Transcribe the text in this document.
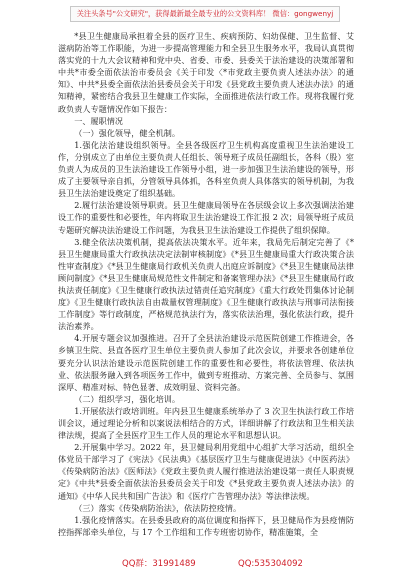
关注头条号"公文研究"，获得最新最全最专业的公文资料库！ 微信：gongwenyj

*县卫生健康局承担着全县的医疗卫生、疾病预防、妇幼保健、卫生监督、艾滋病防治等工作职能，为进一步提高管理能力和全县卫生服务水平，我局认真贯彻落实党的十九大会议精神和党中央、省委、市委、县委关于法治建设的决策部署和中共*市委全面依法治市委员会《关于印发〈*市党政主要负责人述法办法〉的通知》、中共*县委全面依法治县委员会关于印发《县党政主要负责人述法办法》的通知精神，紧密结合我县卫生健康工作实际，全面推进依法行政工作。现将我履行党政负责人专题情况作如下报告：

一、履职情况

（一）强化领导，健全机制。

1.强化法治建设组织领导。全县各级医疗卫生机构高度重视卫生法治建设工作，分别成立了由单位主要负责人任组长、领导班子成员任副组长，各科（股）室负责人为成员的卫生法治建设工作领导小组，进一步加强卫生法治建设的领导，形成了主要领导亲自抓，分管领导具体抓，各科室负责人具体落实的领导机制，为我县卫生法治建设奠定了组织基础。

2.履行法治建设领导职责。县卫生健康局领导在各层级会议上多次强调法治建设工作的重要性和必要性，年内将取卫生法治建设工作汇报 2 次；局领导班子成员专题研究解决法治建设工作问题，为我县卫生法治建设工作提供了组织保障。

3.健全依法决策机制，提高依法决策水平。近年来，我局先后制定完善了《*县卫生健康局重大行政执法决定法制审核制度》《*县卫生健康局重大行政决策合法性审查制度》《*县卫生健康局行政机关负责人出庭应诉制度》《*县卫生健康局法律顾问制度》《*县卫生健康局规范性文件制定和备案管理办法》《*县卫生健康局行政执法责任制度》《卫生健康行政执法过错责任追究制度》《重大行政处罚集体讨论制度》《卫生健康行政执法自由裁量权管理制度》《卫生健康行政执法与刑事司法衔接工作制度》等行政制度，严格规范执法行为，落实依法治理，强化依法行政，提升法治素养。

4.开展专题会议加强推进。召开了全县法治建设示范医院创建工作推进会，各乡镇卫生院、县直各医疗卫生单位主要负责人参加了此次会议，并要求各创建单位要充分认识法治建设示范医院创建工作的重要性和必要性，将依法管理、依法执业、依法服务融入到各项医务工作中，做到专班推动、方案完善、全员参与、氛围深厚、精准对标、特色显著、成效明显、资料完备。

（二）组织学习，强化培训。

1.开展依法行政培训班。年内县卫生健康系统举办了 3 次卫生执法行政工作培训会议，通过理论分析和以案说法相结合的方式，详细讲解了行政法和卫生相关法律法规，提高了全县医疗卫生工作人员的理论水平和思想认识。

2.开展集中学习。2022 年，县卫健局利用党组中心组扩大学习活动，组织全体党员干部学习了《宪法》《民法典》《基层医疗卫生与健康促进法》《中医药法》《传染病防治法》《医师法》《党政主要负责人履行推进法治建设第一责任人职责规定》《中共*县委全面依法治县委员会关于印发《*县党政主要负责人述法办法》的通知》《中华人民共和国广告法》和《医疗广告管理办法》等法律法规。

（三）落实《传染病防治法》，依法防控疫情。

1.强化疫情落实。在县委县政府的高位调度和指挥下，县卫健局作为县疫情防控指挥部牵头单位，与 17 个工作组和工作专班密切协作，精准施策，全

QQ群：31991489	QQ:535304092
